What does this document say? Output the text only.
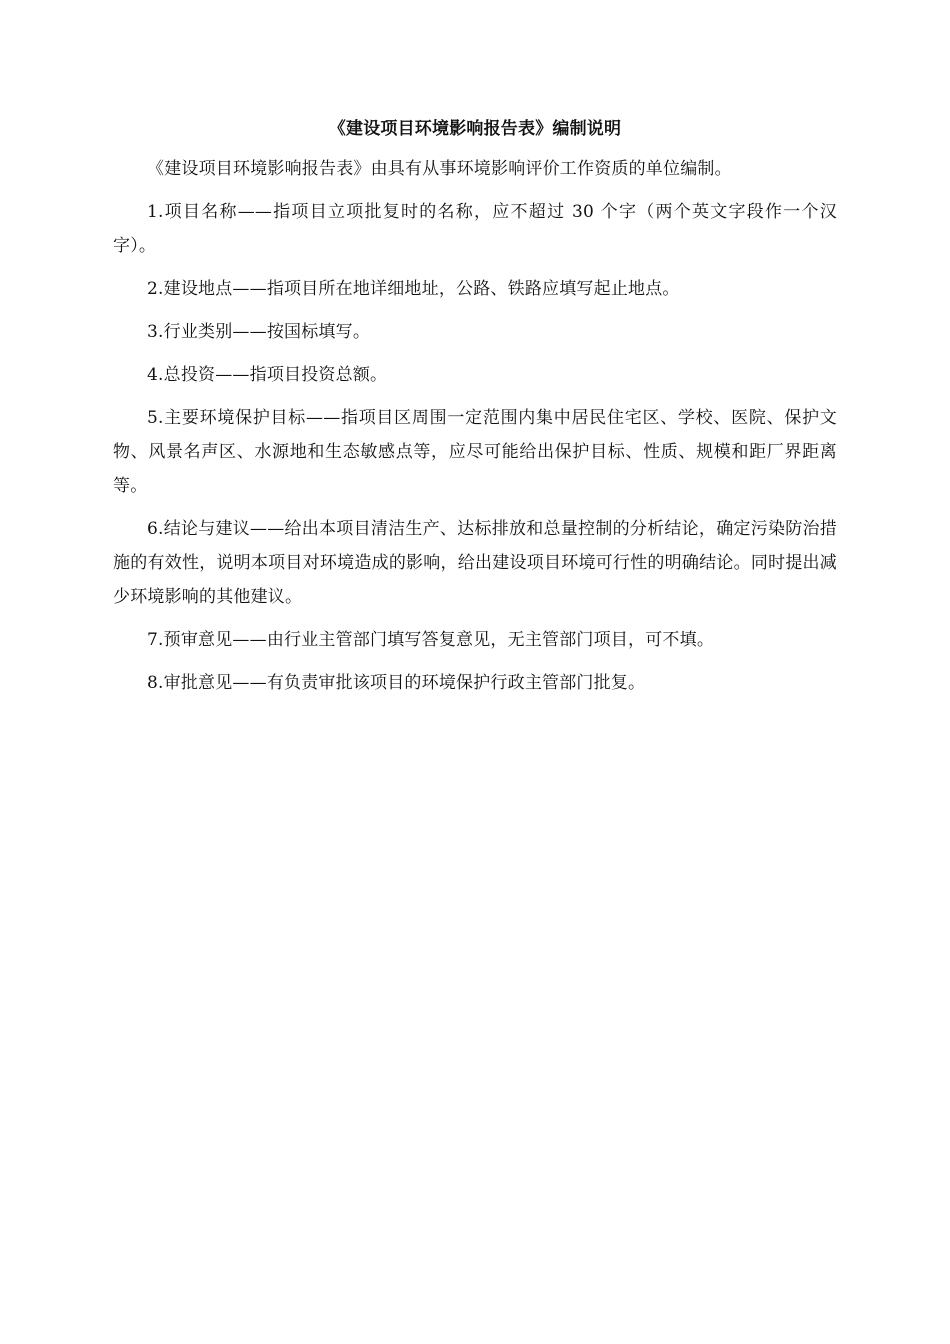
《建设项目环境影响报告表》编制说明

《建设项目环境影响报告表》由具有从事环境影响评价工作资质的单位编制。

1.项目名称——指项目立项批复时的名称，应不超过 30 个字（两个英文字段作一个汉字）。

2.建设地点——指项目所在地详细地址，公路、铁路应填写起止地点。

3.行业类别——按国标填写。

4.总投资——指项目投资总额。

5.主要环境保护目标——指项目区周围一定范围内集中居民住宅区、学校、医院、保护文物、风景名声区、水源地和生态敏感点等，应尽可能给出保护目标、性质、规模和距厂界距离等。

6.结论与建议——给出本项目清洁生产、达标排放和总量控制的分析结论，确定污染防治措施的有效性，说明本项目对环境造成的影响，给出建设项目环境可行性的明确结论。同时提出减少环境影响的其他建议。

7.预审意见——由行业主管部门填写答复意见，无主管部门项目，可不填。

8.审批意见——有负责审批该项目的环境保护行政主管部门批复。
